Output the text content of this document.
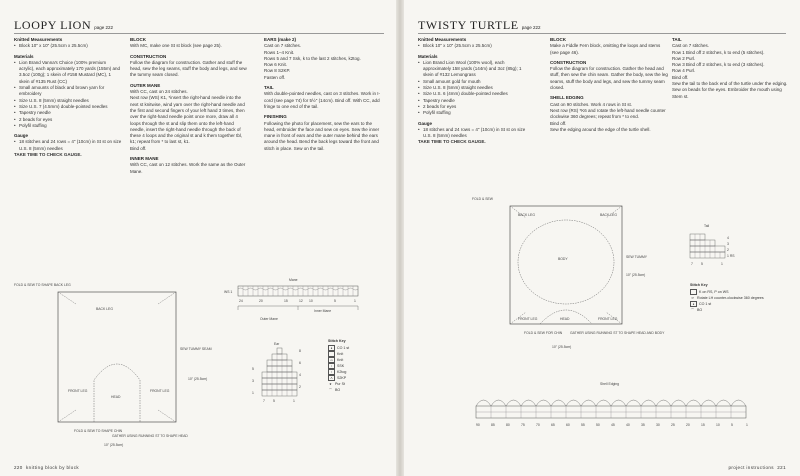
LOOPY LION page 222
Knitted Measurements
• Block 10" x 10" (25.5cm x 25.5cm)
Materials
• Lion Brand Vanna's Choice (100% premium acrylic), each approximately 170 yards (155m) and 3.5oz (100g); 1 skein of #158 Mustard (MC), 1 skein of #135 Rust (CC)
• Small amounts of black and brown yarn for embroidery
• Size U.S. 8 (5mm) straight needles
• Size U.S. 7 (4.5mm) double-pointed needles
• Tapestry needle
• 2 beads for eyes
• Polyfil stuffing
Gauge
• 18 stitches and 24 rows = 4" (10cm) in St st on size U.S. 8 (5mm) needles
TAKE TIME TO CHECK GAUGE.
BLOCK
With MC, make one St st block (see page 25).
CONSTRUCTION
Follow the diagram for construction. Gather and stuff the head, sew the leg seams, stuff the body and legs, and sew the tummy seam closed.
OUTER MANE
With CC, cast on 24 stitches.
Next row (WS) K1, *insert the right-hand needle into the next st knitwise, wind yarn over the right-hand needle and the first and second fingers of your left hand 3 times, then over the right-hand needle point once more, draw all 4 loops through the st and slip them onto the left-hand needle, insert the right-hand needle through the back of these 4 loops and the original st and k them together tbl, k1; repeat from * to last st, k1.
Bind off.
INNER MANE
With CC, cast on 12 stitches. Work the same as the Outer Mane.
EARS (make 2)
Cast on 7 stitches.
Rows 1–4 Knit.
Rows 5 and 7 Ssk, k to the last 2 stitches, k2tog.
Row 6 Knit.
Row 8 S2KP.
Fasten off.
TAIL
With double-pointed needles, cast on 3 stitches. Work in I-cord (see page 74) for 5½" (14cm). Bind off. With CC, add fringe to one end of the tail.
FINISHING
Following the photo for placement, sew the ears to the head, embroider the face and sew on eyes. Sew the inner mane in front of ears and the outer mane behind the ears around the head. Bend the back legs toward the front and stitch in place. Sew on the tail.
BACK LEG
FRONT LEG	FRONT LEG
HEAD
FOLD & SEW TO SHAPE BACK LEG
FOLD & SEW TO SHAPE CHIN
GATHER USING RUNNING ST TO SHAPE HEAD
SEW TUMMY SEAM
10" (25.5cm)
10" (25.5cm)
Mane
WS 1
24	20	15	12 10	5	1
Outer Mane
Inner Mane
Ear
1
3
5
2
4
6
8
7 5	1
Stitch Key
● CO 1 st
Knit
ɷ Knit
\ SSK
/ K2tog
Λ S2KP
★ Pur St
⌒ BO
220 knitting block by block
TWISTY TURTLE page 222
Knitted Measurements
• Block 10" x 10" (25.5cm x 25.5cm)
Materials
• Lion Brand Lion Wool (100% wool), each approximately 158 yards (144m) and 3oz (85g); 1 skein of #132 Lemongrass
• Small amount gold for mouth
• Size U.S. 8 (5mm) straight needles
• Size U.S. 6 (4mm) double-pointed needles
• Tapestry needle
• 2 beads for eyes
• Polyfil stuffing
Gauge
• 18 stitches and 24 rows = 4" (10cm) in St st on size U.S. 8 (5mm) needles
TAKE TIME TO CHECK GAUGE.
BLOCK
Make a Fiddle Fern block, omitting the loops and stems (see page 46).
CONSTRUCTION
Follow the diagram for construction. Gather the head and stuff, then sew the chin seam. Gather the body, sew the leg seams, stuff the body and legs, and sew the tummy seam closed.
SHELL EDGING
Cast on 90 stitches. Work 4 rows in St st.
Next row (RS) *K6 and rotate the left-hand needle counter clockwise 360 degrees; repeat from * to end.
Bind off.
Sew the edging around the edge of the turtle shell.
TAIL
Cast on 7 stitches.
Row 1 Bind off 2 stitches, k to end (5 stitches).
Row 2 Purl.
Row 3 Bind off 2 stitches, k to end (3 stitches).
Row 4 Purl.
Bind off.
Sew the tail to the back end of the turtle under the edging. Sew on beads for the eyes. Embroider the mouth using Stem st.
BACK LEG	BACK LEG
FRONT LEG	FRONT LEG
BODY
HEAD
FOLD & SEW
FOLD & SEW FOR CHIN GATHER USING RUNNING ST TO SHAPE HEAD AND BODY
SEW TUMMY
10" (25.5cm)
10" (25.5cm)
Tail
4
3
2
1 RS
7 5	1
Stitch Key
K on RS, P on WS
↺ Rotate LH counter-clockwise 360 degrees
● CO 1 st
⌒ BO
Shell Edging
90	85	80	75	70	65	60	55	50	45	40	35	30	25	20	15	10	5	1
project instructions 221
